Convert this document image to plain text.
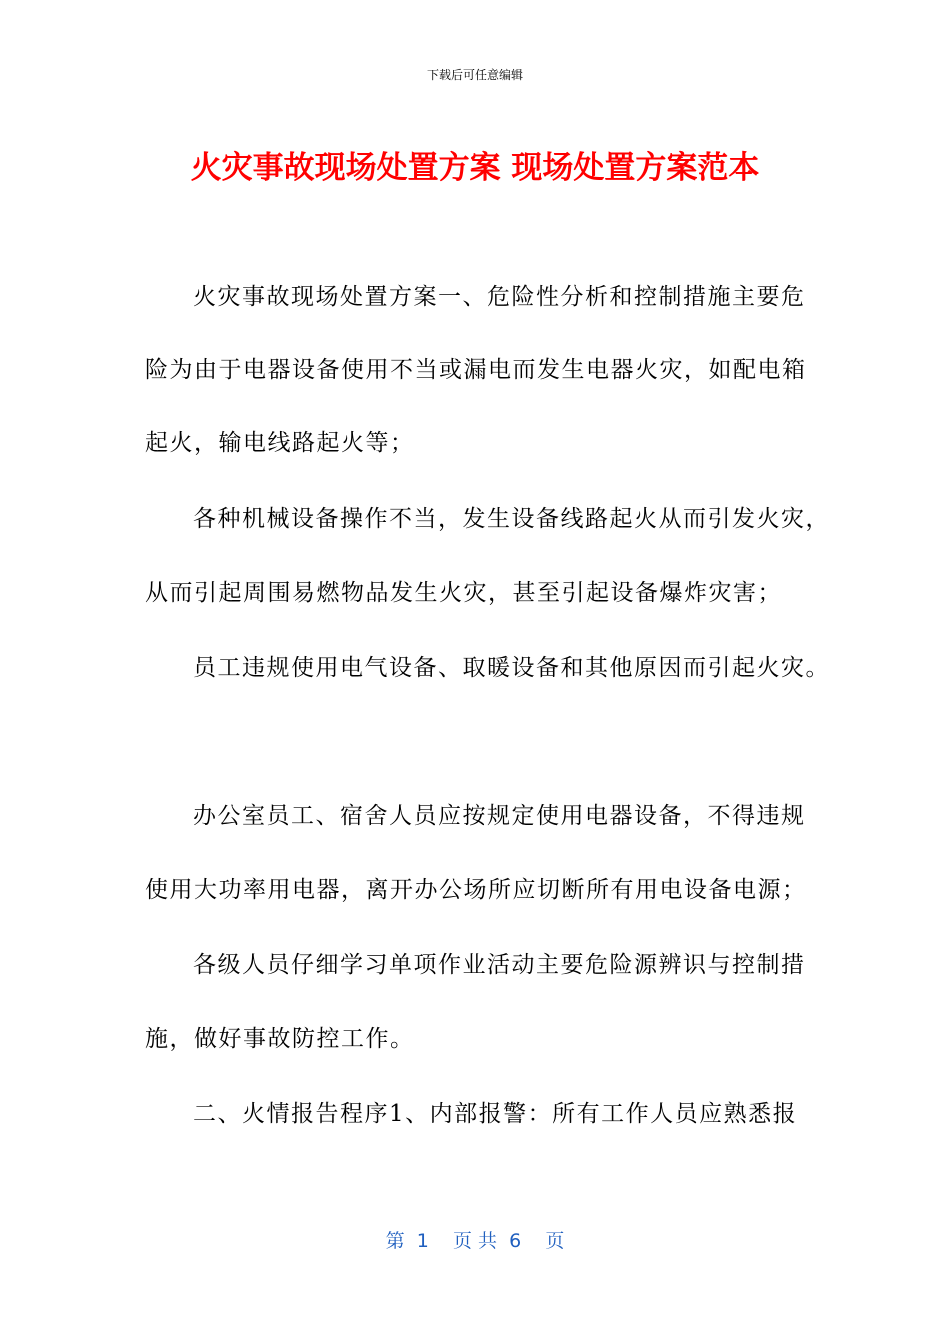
下载后可任意编辑
火灾事故现场处置方案 现场处置方案范本
火灾事故现场处置方案一、危险性分析和控制措施主要危
险为由于电器设备使用不当或漏电而发生电器火灾，如配电箱
起火，输电线路起火等；
各种机械设备操作不当，发生设备线路起火从而引发火灾，
从而引起周围易燃物品发生火灾，甚至引起设备爆炸灾害；
员工违规使用电气设备、取暖设备和其他原因而引起火灾。
办公室员工、宿舍人员应按规定使用电器设备，不得违规
使用大功率用电器，离开办公场所应切断所有用电设备电源；
各级人员仔细学习单项作业活动主要危险源辨识与控制措
施，做好事故防控工作。
二、火情报告程序1、内部报警：所有工作人员应熟悉报
第  1    页 共  6    页
